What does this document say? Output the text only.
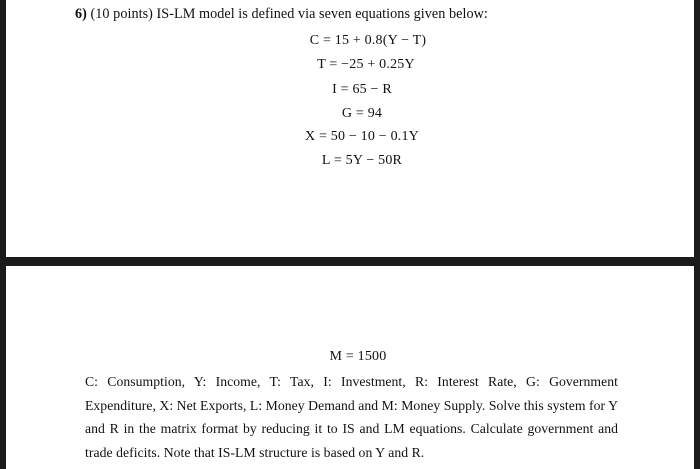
6) (10 points) IS-LM model is defined via seven equations given below:
C = 15 + 0.8(Y − T)
T = −25 + 0.25Y
I = 65 − R
G = 94
X = 50 − 10 − 0.1Y
L = 5Y − 50R
M = 1500
C: Consumption, Y: Income, T: Tax, I: Investment, R: Interest Rate, G: Government Expenditure, X: Net Exports, L: Money Demand and M: Money Supply. Solve this system for Y and R in the matrix format by reducing it to IS and LM equations. Calculate government and trade deficits. Note that IS-LM structure is based on Y and R.
